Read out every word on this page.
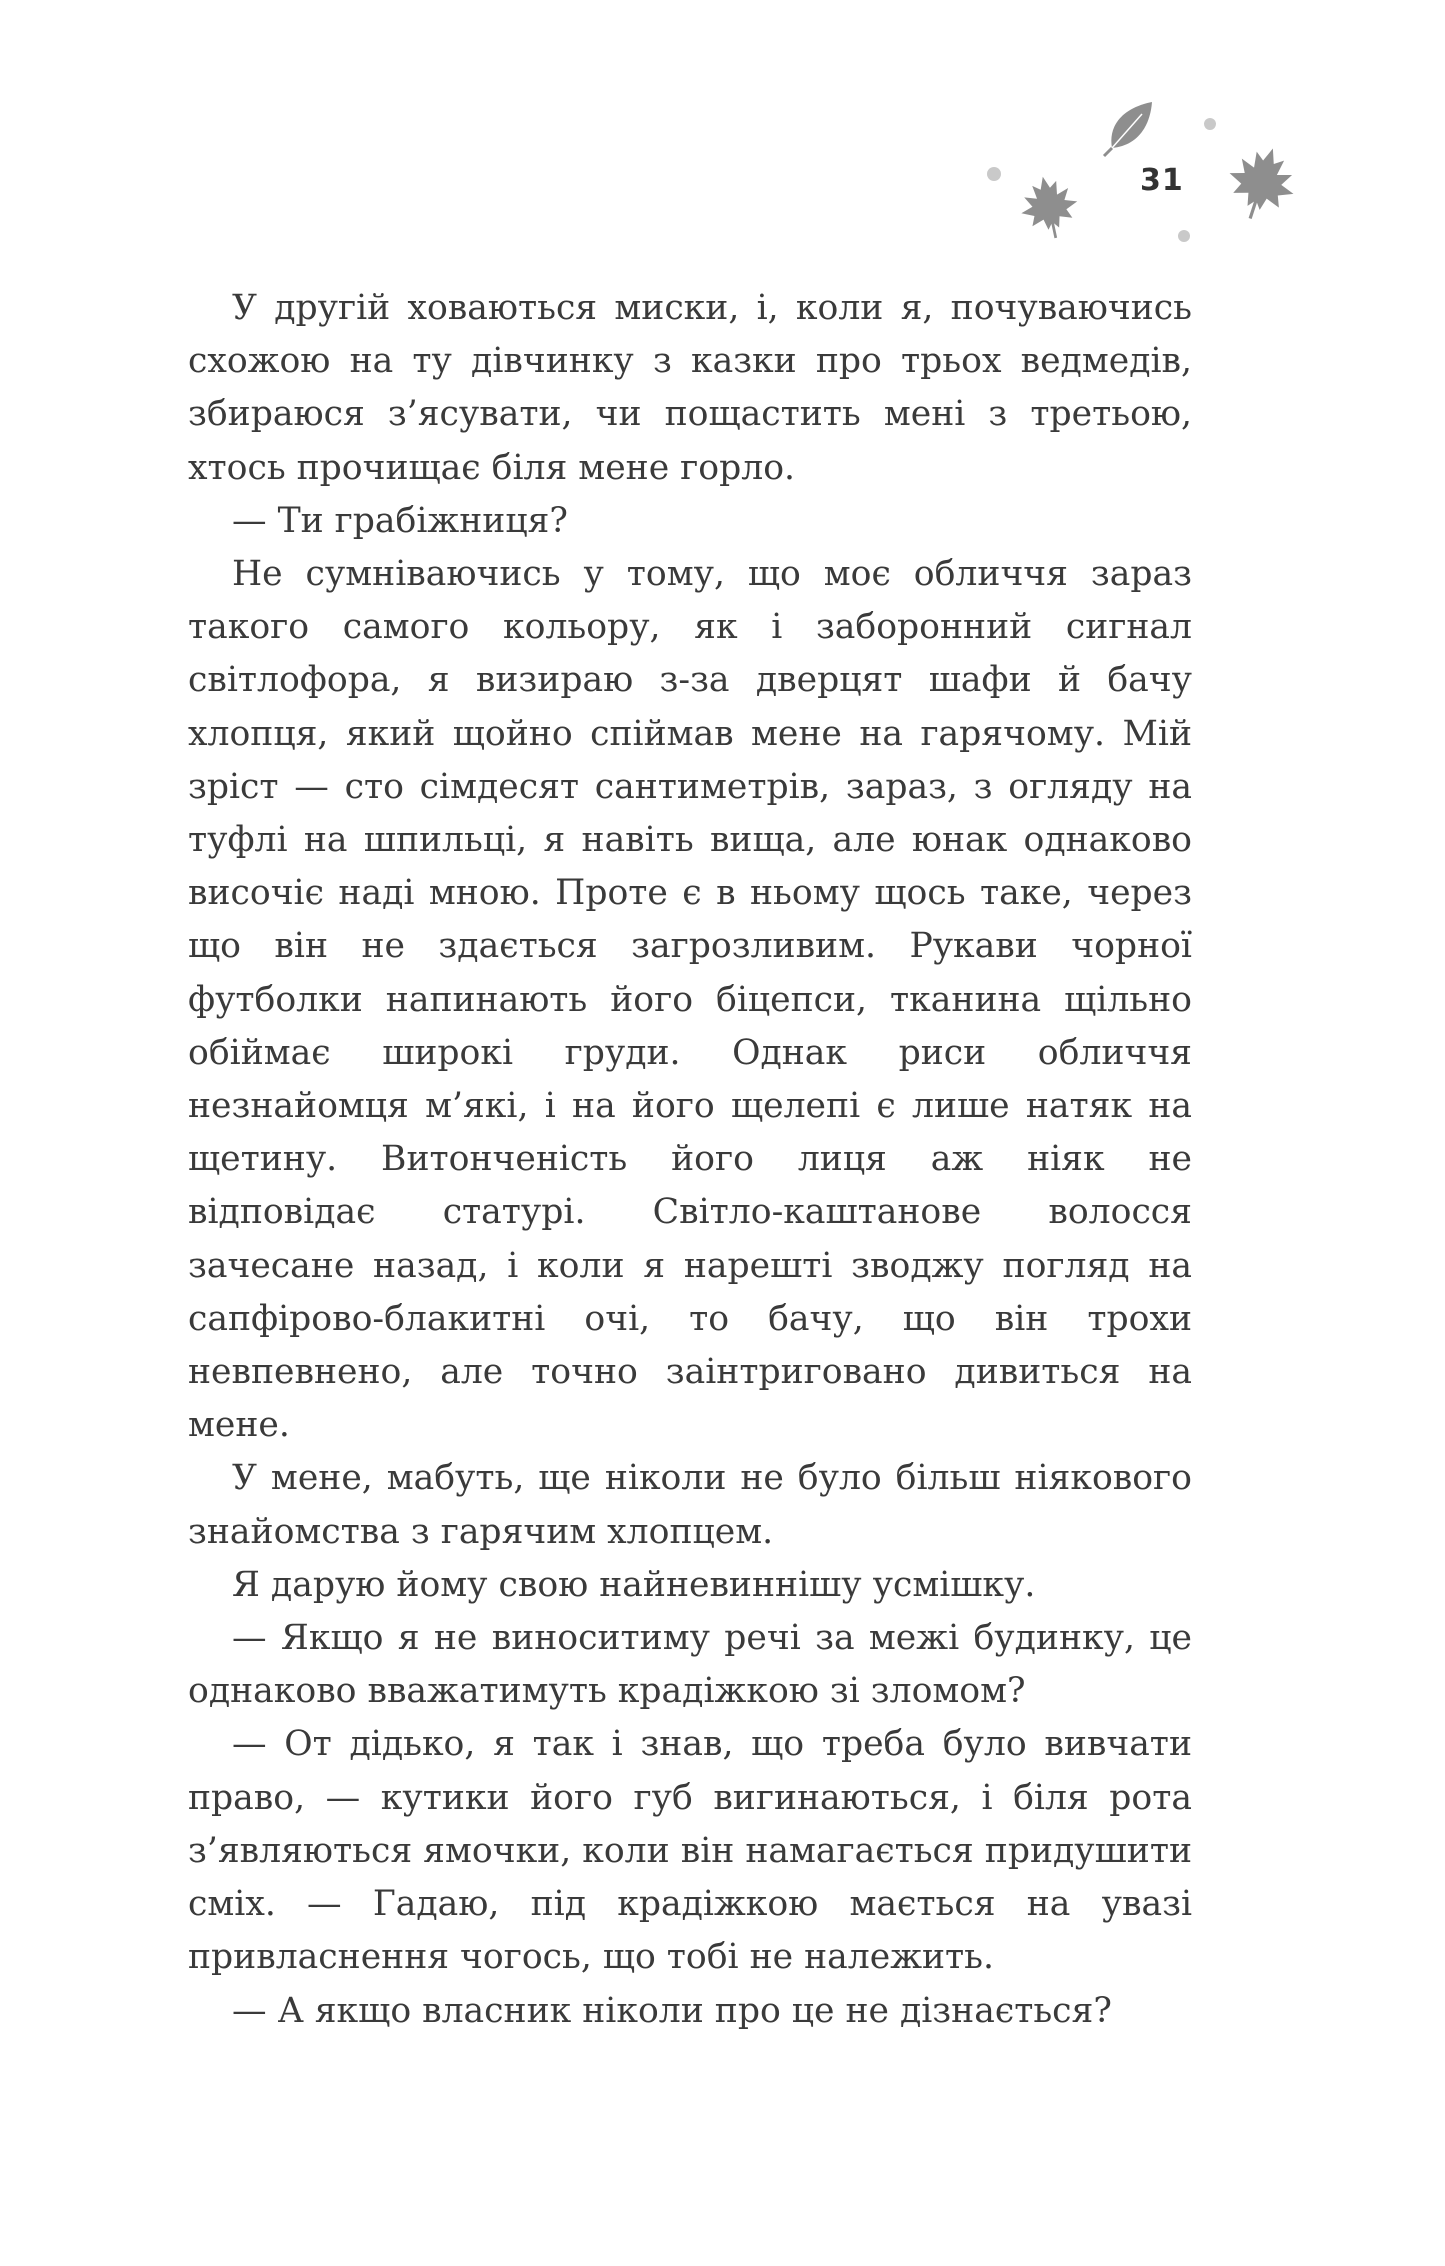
31

У другій ховаються миски, і, коли я, почуваючись схожою на ту дівчинку з казки про трьох ведмедів, збираюся з’ясувати, чи пощастить мені з третьою, хтось прочищає біля мене горло.

— Ти грабіжниця?

Не сумніваючись у тому, що моє обличчя зараз такого самого кольору, як і заборонний сигнал світлофора, я визираю з-за дверцят шафи й бачу хлопця, який щойно спіймав мене на гарячому. Мій зріст — сто сімдесят сантиметрів, зараз, з огляду на туфлі на шпильці, я навіть вища, але юнак однаково височіє наді мною. Проте є в ньому щось таке, через що він не здається загрозливим. Рукави чорної футболки напинають його біцепси, тканина щільно обіймає широкі груди. Однак риси обличчя незнайомця м’які, і на його щелепі є лише натяк на щетину. Витонченість його лиця аж ніяк не відповідає статурі. Світло-каштанове волосся зачесане назад, і коли я нарешті зводжу погляд на сапфірово-блакитні очі, то бачу, що він трохи невпевнено, але точно заінтриговано дивиться на мене.

У мене, мабуть, ще ніколи не було більш ніякового знайомства з гарячим хлопцем.

Я дарую йому свою найневиннішу усмішку.

— Якщо я не виноситиму речі за межі будинку, це однаково вважатимуть крадіжкою зі зломом?

— От дідько, я так і знав, що треба було вивчати право, — кутики його губ вигинаються, і біля рота з’являються ямочки, коли він намагається придушити сміх. — Гадаю, під крадіжкою мається на увазі привласнення чогось, що тобі не належить.

— А якщо власник ніколи про це не дізнається?
